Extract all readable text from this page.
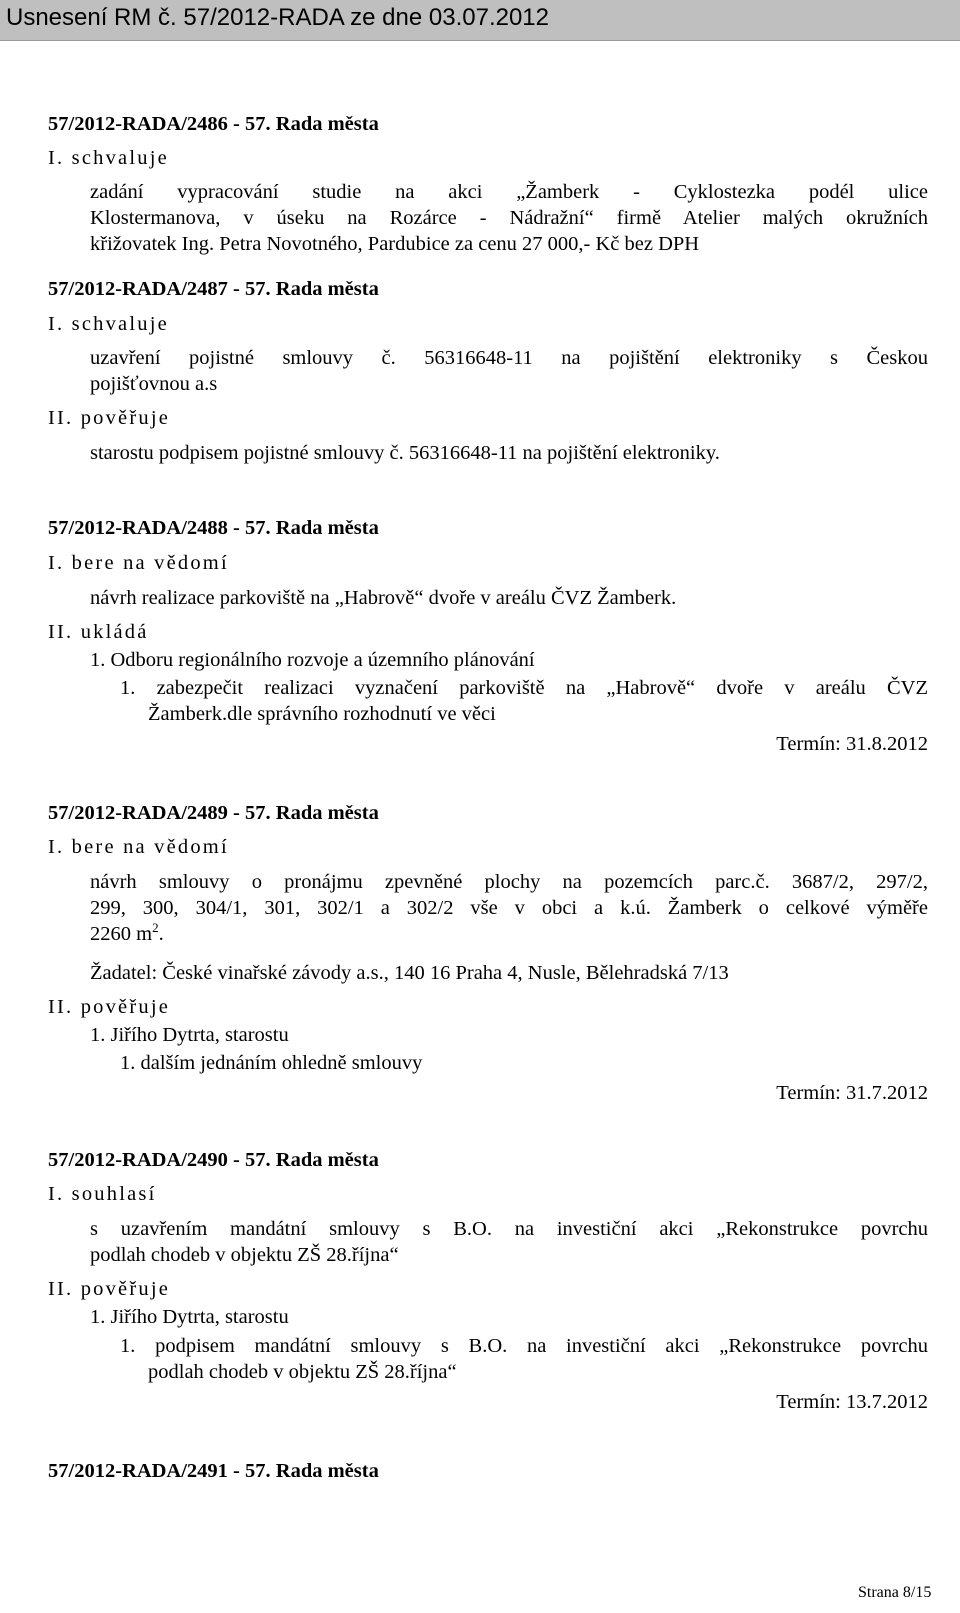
Usnesení RM č. 57/2012-RADA ze dne 03.07.2012
57/2012-RADA/2486 - 57. Rada města
I. schvaluje
zadání vypracování studie na akci „Žamberk - Cyklostezka podél ulice
Klostermanova, v úseku na Rozárce - Nádražní“ firmě Atelier malých okružních
křižovatek Ing. Petra Novotného, Pardubice za cenu 27 000,- Kč bez DPH
57/2012-RADA/2487 - 57. Rada města
I. schvaluje
uzavření pojistné smlouvy č. 56316648-11 na pojištění elektroniky s Českou
pojišťovnou a.s
II. pověřuje
starostu podpisem pojistné smlouvy č. 56316648-11 na pojištění elektroniky.
57/2012-RADA/2488 - 57. Rada města
I. bere na vědomí
návrh realizace parkoviště na „Habrově“ dvoře v areálu ČVZ Žamberk.
II. ukládá
1. Odboru regionálního rozvoje a územního plánování
1. zabezpečit realizaci vyznačení parkoviště na „Habrově“ dvoře v areálu ČVZ
Žamberk.dle správního rozhodnutí ve věci
Termín: 31.8.2012
57/2012-RADA/2489 - 57. Rada města
I. bere na vědomí
návrh smlouvy o pronájmu zpevněné plochy na pozemcích parc.č. 3687/2, 297/2,
299, 300, 304/1, 301, 302/1 a 302/2 vše v obci a k.ú. Žamberk o celkové výměře
2260 $m^2$.
Žadatel: České vinařské závody a.s., 140 16 Praha 4, Nusle, Bělehradská 7/13
II. pověřuje
1. Jiřího Dytrta, starostu
1. dalším jednáním ohledně smlouvy
Termín: 31.7.2012
57/2012-RADA/2490 - 57. Rada města
I. souhlasí
s uzavřením mandátní smlouvy s B.O. na investiční akci „Rekonstrukce povrchu
podlah chodeb v objektu ZŠ 28.října“
II. pověřuje
1. Jiřího Dytrta, starostu
1. podpisem mandátní smlouvy s B.O. na investiční akci „Rekonstrukce povrchu
podlah chodeb v objektu ZŠ 28.října“
Termín: 13.7.2012
57/2012-RADA/2491 - 57. Rada města
Strana 8/15
